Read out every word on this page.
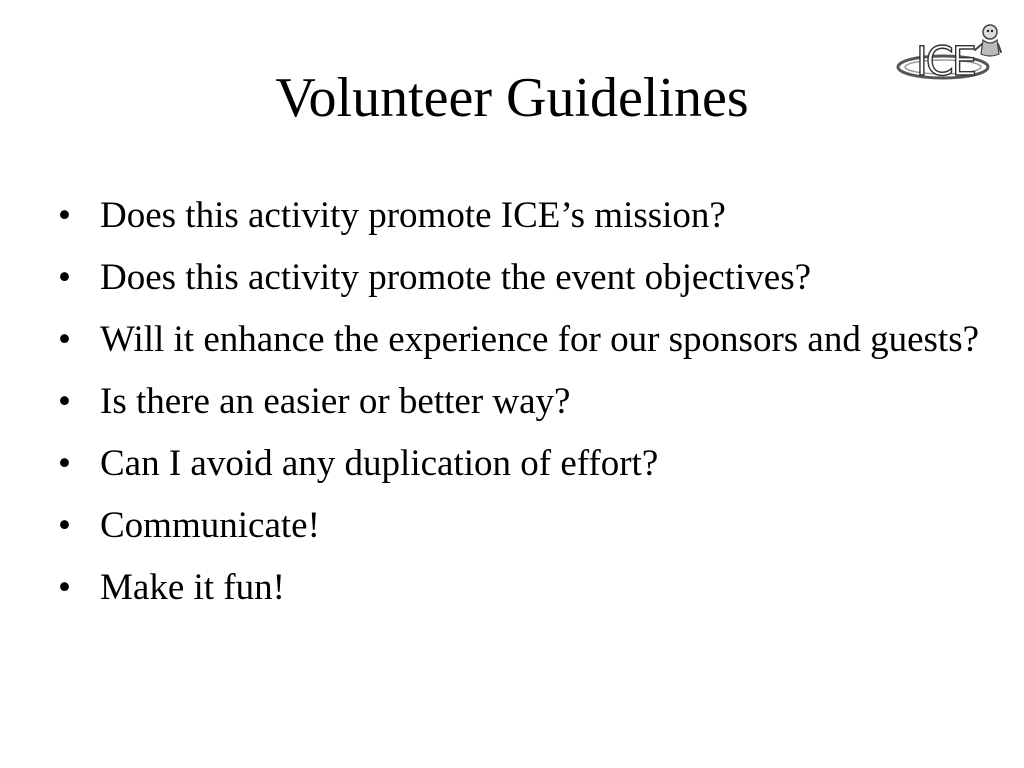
Volunteer Guidelines
ICE
• Does this activity promote ICE’s mission?
• Does this activity promote the event objectives?
• Will it enhance the experience for our sponsors and guests?
• Is there an easier or better way?
• Can I avoid any duplication of effort?
• Communicate!
• Make it fun!
